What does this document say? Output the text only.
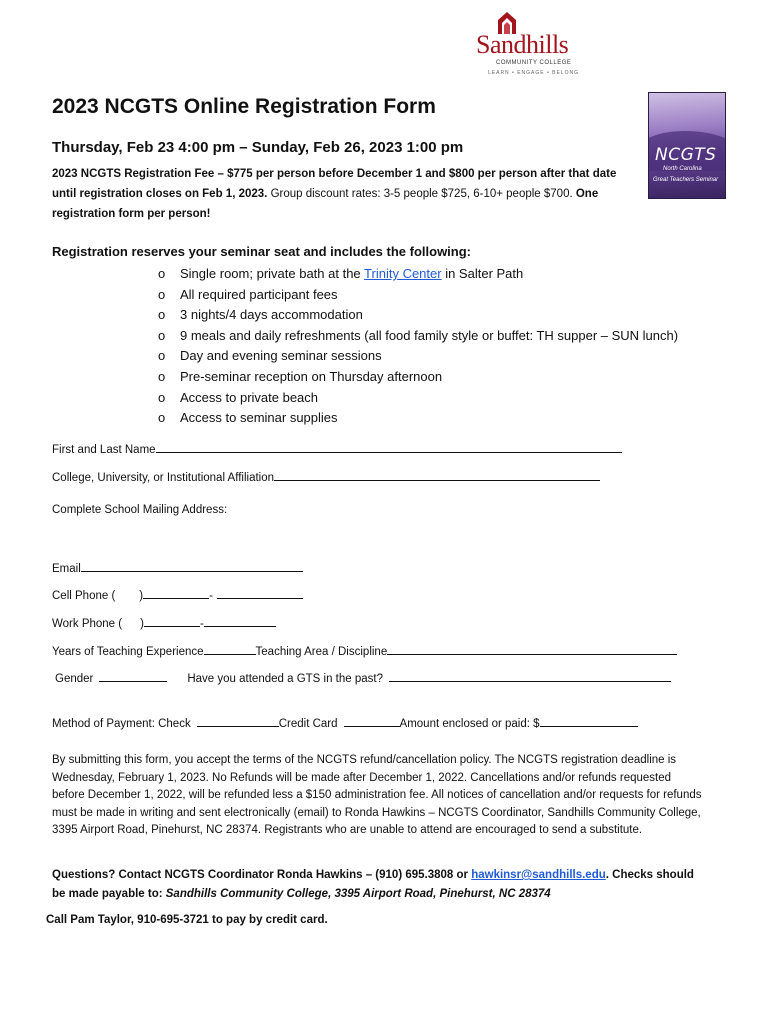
Sandhills
COMMUNITY COLLEGE
LEARN • ENGAGE • BELONG
NCGTS
North Carolina
Great Teachers Seminar
2023 NCGTS Online Registration Form
Thursday, Feb 23 4:00 pm – Sunday, Feb 26, 2023 1:00 pm
2023 NCGTS Registration Fee – $775 per person before December 1 and $800 per person after that date until registration closes on Feb 1, 2023. Group discount rates: 3-5 people $725, 6-10+ people $700. One registration form per person!
Registration reserves your seminar seat and includes the following:
o Single room; private bath at the Trinity Center in Salter Path
o All required participant fees
o 3 nights/4 days accommodation
o 9 meals and daily refreshments (all food family style or buffet: TH supper – SUN lunch)
o Day and evening seminar sessions
o Pre-seminar reception on Thursday afternoon
o Access to private beach
o Access to seminar supplies
First and Last Name
College, University, or Institutional Affiliation
Complete School Mailing Address:
Email
Cell Phone ( )	-
Work Phone ( )	-
Years of Teaching Experience	Teaching Area / Discipline
Gender	Have you attended a GTS in the past?
Method of Payment: Check	Credit Card	Amount enclosed or paid: $
By submitting this form, you accept the terms of the NCGTS refund/cancellation policy. The NCGTS registration deadline is Wednesday, February 1, 2023. No Refunds will be made after December 1, 2022. Cancellations and/or refunds requested before December 1, 2022, will be refunded less a $150 administration fee. All notices of cancellation and/or requests for refunds must be made in writing and sent electronically (email) to Ronda Hawkins – NCGTS Coordinator, Sandhills Community College, 3395 Airport Road, Pinehurst, NC 28374. Registrants who are unable to attend are encouraged to send a substitute.
Questions? Contact NCGTS Coordinator Ronda Hawkins – (910) 695.3808 or hawkinsr@sandhills.edu. Checks should be made payable to: Sandhills Community College, 3395 Airport Road, Pinehurst, NC 28374
Call Pam Taylor, 910-695-3721 to pay by credit card.
